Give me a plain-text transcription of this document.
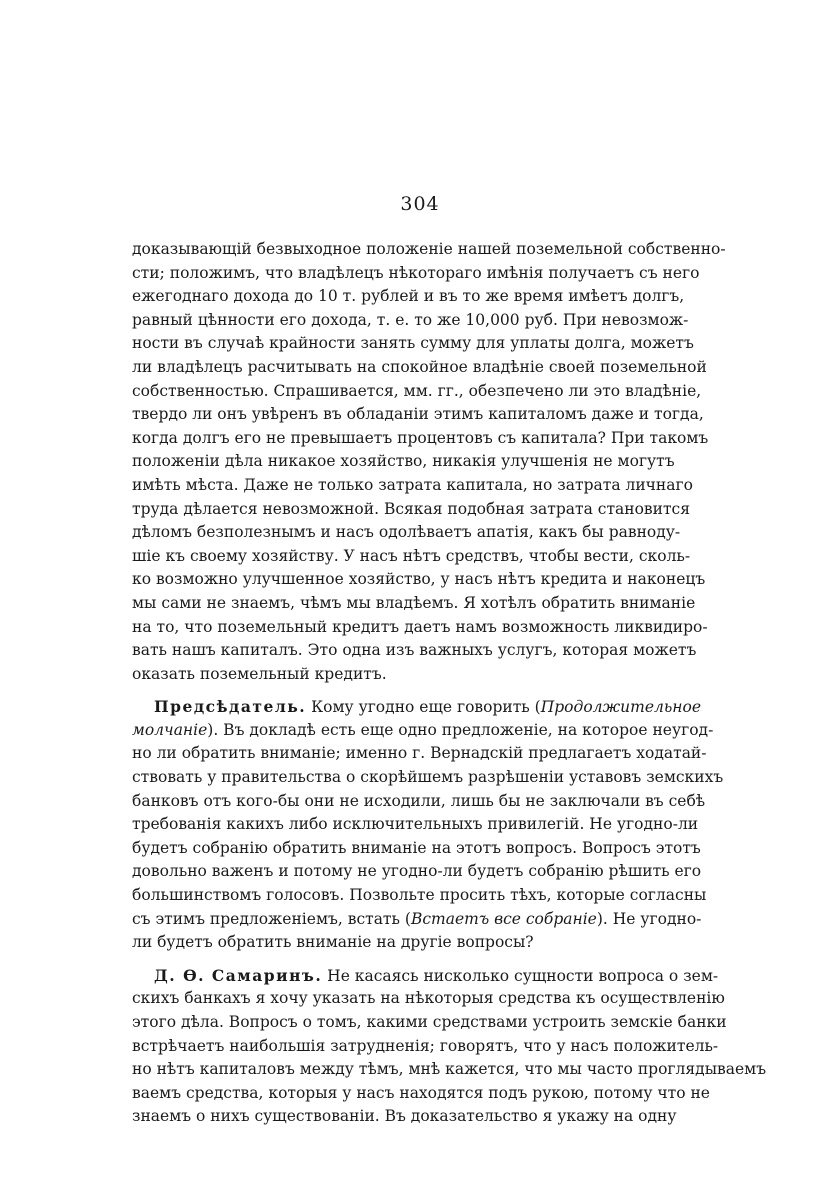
304
доказывающій безвыходное положеніе нашей поземельной собственно-
сти; положимъ, что владѣлецъ нѣкотораго имѣнія получаетъ съ него
ежегоднаго дохода до 10 т. рублей и въ то же время имѣетъ долгъ,
равный цѣнности его дохода, т. е. то же 10,000 руб. При невозмож-
ности въ случаѣ крайности занять сумму для уплаты долга, можетъ
ли владѣлецъ расчитывать на спокойное владѣніе своей поземельной
собственностью. Спрашивается, мм. гг., обезпечено ли это владѣніе,
твердо ли онъ увѣренъ въ обладаніи этимъ капиталомъ даже и тогда,
когда долгъ его не превышаетъ процентовъ съ капитала? При такомъ
положеніи дѣла никакое хозяйство, никакія улучшенія не могутъ
имѣть мѣста. Даже не только затрата капитала, но затрата личнаго
труда дѣлается невозможной. Всякая подобная затрата становится
дѣломъ безполезнымъ и насъ одолѣваетъ апатія, какъ бы равноду-
шіе къ своему хозяйству. У насъ нѣтъ средствъ, чтобы вести, сколь-
ко возможно улучшенное хозяйство, у насъ нѣтъ кредита и наконецъ
мы сами не знаемъ, чѣмъ мы владѣемъ. Я хотѣлъ обратить вниманіе
на то, что поземельный кредитъ даетъ намъ возможность ликвидиро-
вать нашъ капиталъ. Это одна изъ важныхъ услугъ, которая можетъ
оказать поземельный кредитъ.
Предсѣдатель. Кому угодно еще говорить (Продолжительное
молчаніе). Въ докладѣ есть еще одно предложеніе, на которое неугод-
но ли обратить вниманіе; именно г. Вернадскій предлагаетъ ходатай-
ствовать у правительства о скорѣйшемъ разрѣшеніи уставовъ земскихъ
банковъ отъ кого-бы они не исходили, лишь бы не заключали въ себѣ
требованія какихъ либо исключительныхъ привилегій. Не угодно-ли
будетъ собранію обратить вниманіе на этотъ вопросъ. Вопросъ этотъ
довольно важенъ и потому не угодно-ли будетъ собранію рѣшить его
большинствомъ голосовъ. Позвольте просить тѣхъ, которые согласны
съ этимъ предложеніемъ, встать (Встаетъ все собраніе). Не угодно-
ли будетъ обратить вниманіе на другіе вопросы?
Д. Ѳ. Самаринъ. Не касаясь нисколько сущности вопроса о зем-
скихъ банкахъ я хочу указать на нѣкоторыя средства къ осуществленію
этого дѣла. Вопросъ о томъ, какими средствами устроить земскіе банки
встрѣчаетъ наибольшія затрудненія; говорятъ, что у насъ положитель-
но нѣтъ капиталовъ между тѣмъ, мнѣ кажется, что мы часто проглядываемъ
ваемъ средства, которыя у насъ находятся подъ рукою, потому что не
знаемъ о нихъ существованіи. Въ доказательство я укажу на одну
